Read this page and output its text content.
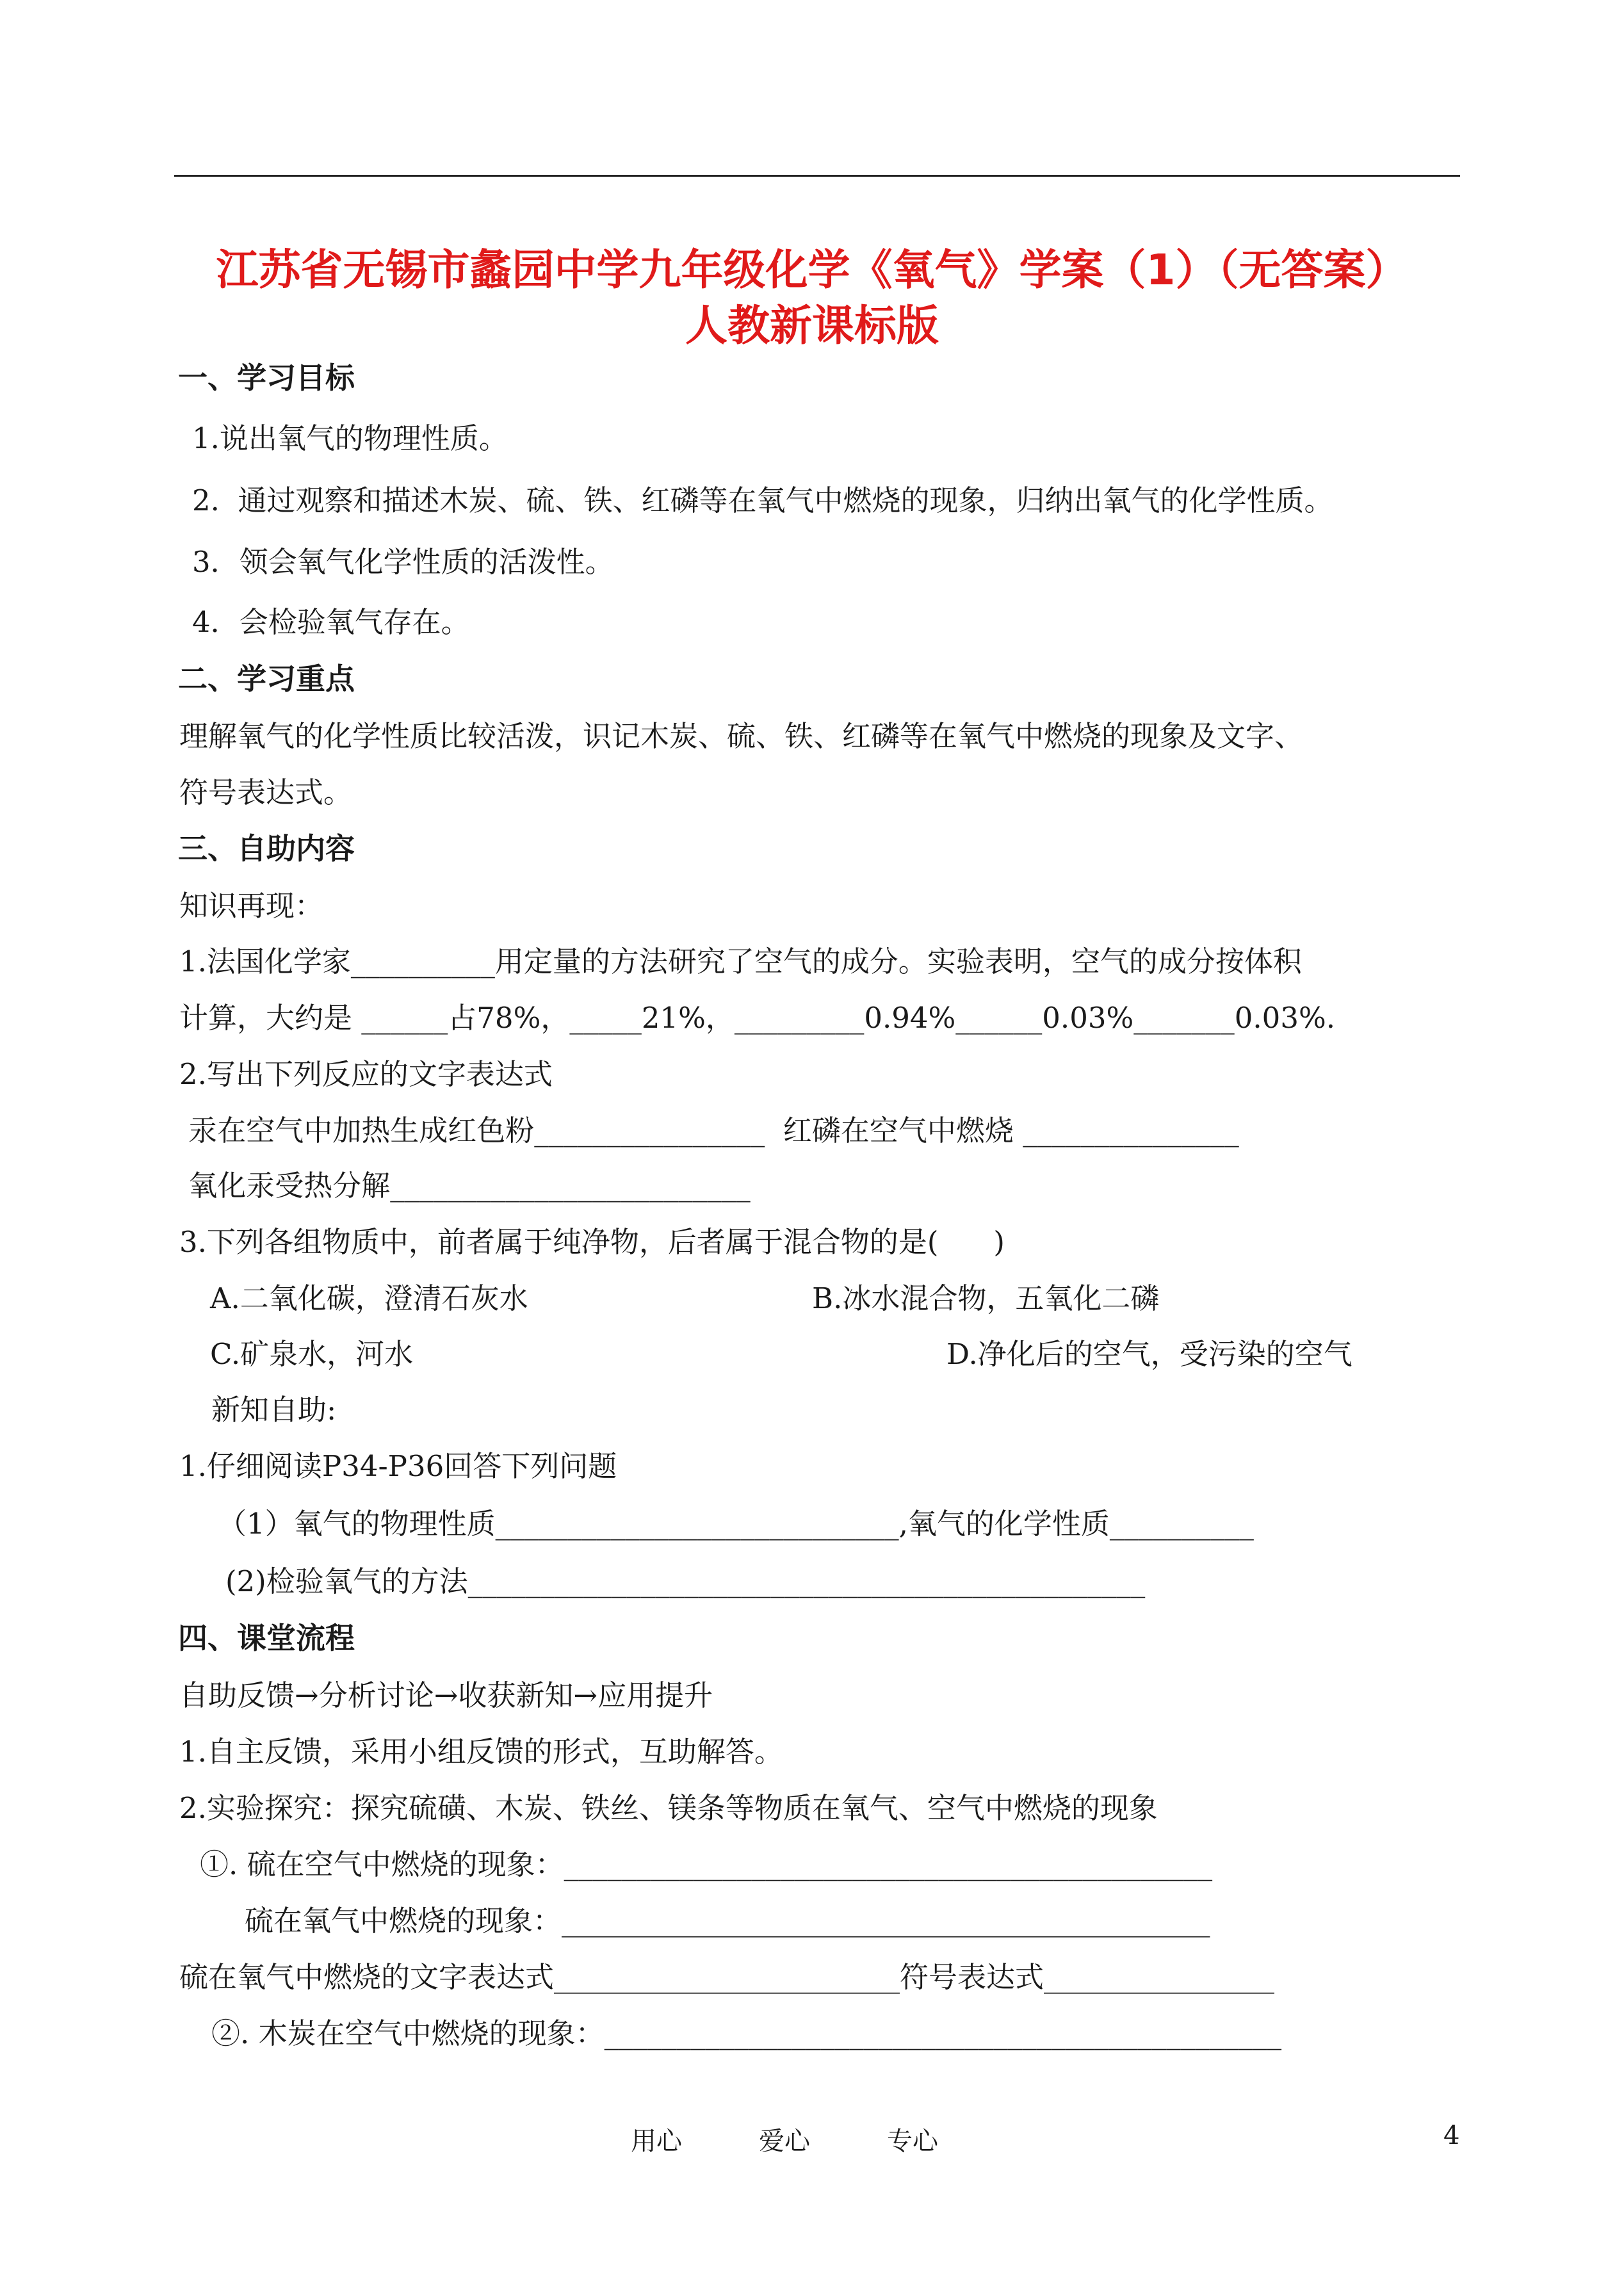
江苏省无锡市蠡园中学九年级化学《氧气》学案（1）（无答案）
人教新课标版
一、学习目标
1.说出氧气的物理性质。
2.  通过观察和描述木炭、硫、铁、红磷等在氧气中燃烧的现象，归纳出氧气的化学性质。
3．领会氧气化学性质的活泼性。
4．会检验氧气存在。
二、学习重点
理解氧气的化学性质比较活泼，识记木炭、硫、铁、红磷等在氧气中燃烧的现象及文字、
符号表达式。
三、自助内容
知识再现：
1.法国化学家__________用定量的方法研究了空气的成分。实验表明，空气的成分按体积
计算，大约是 ______占78%，_____21%，_________0.94%______0.03%_______0.03%.
2.写出下列反应的文字表达式
汞在空气中加热生成红色粉________________  红磷在空气中燃烧 _______________
氧化汞受热分解_________________________
3.下列各组物质中，前者属于纯净物，后者属于混合物的是(      )
A.二氧化碳，澄清石灰水	B.冰水混合物，五氧化二磷
C.矿泉水，河水	D.净化后的空气，受污染的空气
新知自助:
1.仔细阅读P34-P36回答下列问题
（1）氧气的物理性质____________________________,氧气的化学性质__________
(2)检验氧气的方法_______________________________________________
四、课堂流程
自助反馈→分析讨论→收获新知→应用提升
1.自主反馈，采用小组反馈的形式，互助解答。
2.实验探究：探究硫磺、木炭、铁丝、镁条等物质在氧气、空气中燃烧的现象
①. 硫在空气中燃烧的现象：_____________________________________________
硫在氧气中燃烧的现象：_____________________________________________
硫在氧气中燃烧的文字表达式________________________符号表达式________________
②. 木炭在空气中燃烧的现象：_______________________________________________
用心	爱心	专心	4
